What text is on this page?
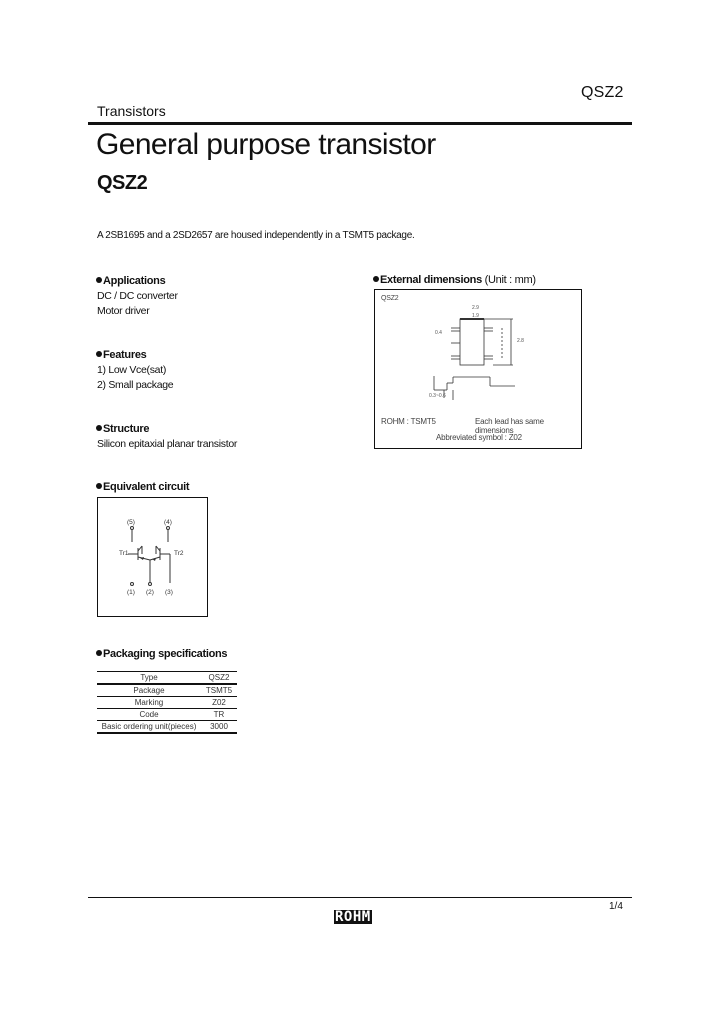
QSZ2
Transistors
General purpose transistor
QSZ2
A 2SB1695 and a 2SD2657 are housed independently in a TSMT5 package.
Applications
DC / DC converter
Motor driver
Features
1) Low Vce(sat)
2) Small package
Structure
Silicon epitaxial planar transistor
External dimensions (Unit : mm)
QSZ2
2.9
1.9
2.8
0.4
0.3~0.6
ROHM : TSMT5	Each lead has same dimensions
Abbreviated symbol : Z02
Equivalent circuit
(5)	(4)
Tr1	Tr2
(1) (2) (3)
Packaging specifications
Type	QSZ2
Package	TSMT5
Marking	Z02
Code	TR
Basic ordering unit(pieces)	3000
1/4
ROHM
